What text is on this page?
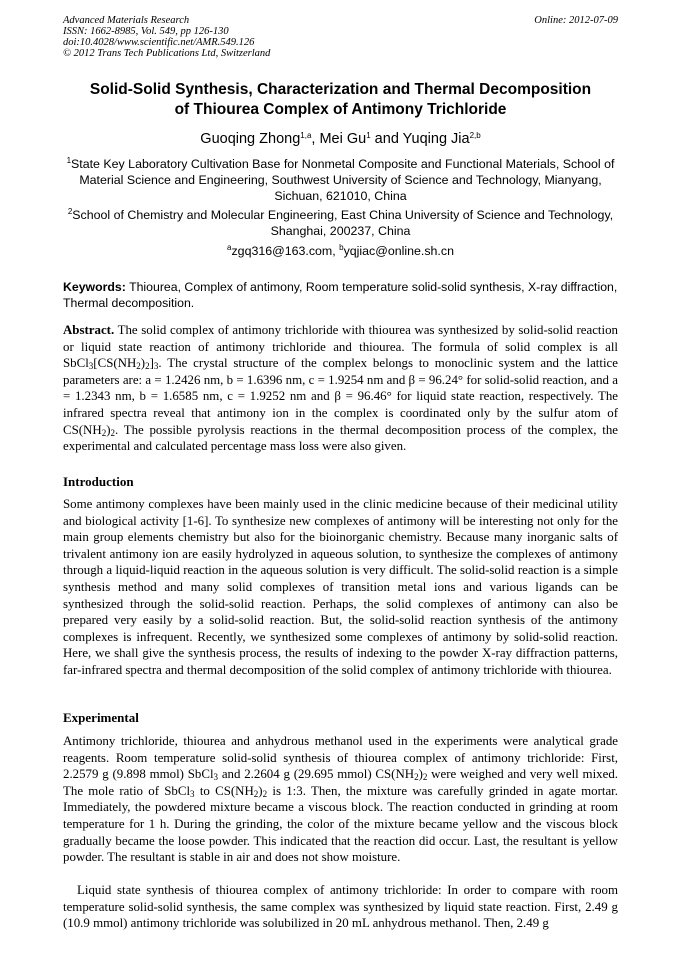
Advanced Materials Research
ISSN: 1662-8985, Vol. 549, pp 126-130
doi:10.4028/www.scientific.net/AMR.549.126
© 2012 Trans Tech Publications Ltd, Switzerland
Online: 2012-07-09
Solid-Solid Synthesis, Characterization and Thermal Decomposition
of Thiourea Complex of Antimony Trichloride
Guoqing Zhong$^{1,a}$, Mei Gu$^1$ and Yuqing Jia$^{2,b}$
$^1$State Key Laboratory Cultivation Base for Nonmetal Composite and Functional Materials, School of
Material Science and Engineering, Southwest University of Science and Technology, Mianyang,
Sichuan, 621010, China
$^2$School of Chemistry and Molecular Engineering, East China University of Science and Technology,
Shanghai, 200237, China
$^a$zgq316@163.com, $^b$yqjiac@online.sh.cn
Keywords: Thiourea, Complex of antimony, Room temperature solid-solid synthesis, X-ray diffraction, Thermal decomposition.
Abstract. The solid complex of antimony trichloride with thiourea was synthesized by solid-solid reaction or liquid state reaction of antimony trichloride and thiourea. The formula of solid complex is all $SbCl_3[CS(NH_2)_2]_3$. The crystal structure of the complex belongs to monoclinic system and the lattice parameters are: a = 1.2426 nm, b = 1.6396 nm, c = 1.9254 nm and β = 96.24° for solid-solid reaction, and a = 1.2343 nm, b = 1.6585 nm, c = 1.9252 nm and β = 96.46° for liquid state reaction, respectively. The infrared spectra reveal that antimony ion in the complex is coordinated only by the sulfur atom of $CS(NH_2)_2$. The possible pyrolysis reactions in the thermal decomposition process of the complex, the experimental and calculated percentage mass loss were also given.
Introduction
Some antimony complexes have been mainly used in the clinic medicine because of their medicinal utility and biological activity [1-6]. To synthesize new complexes of antimony will be interesting not only for the main group elements chemistry but also for the bioinorganic chemistry. Because many inorganic salts of trivalent antimony ion are easily hydrolyzed in aqueous solution, to synthesize the complexes of antimony through a liquid-liquid reaction in the aqueous solution is very difficult. The solid-solid reaction is a simple synthesis method and many solid complexes of transition metal ions and various ligands can be synthesized through the solid-solid reaction. Perhaps, the solid complexes of antimony can also be prepared very easily by a solid-solid reaction. But, the solid-solid reaction synthesis of the antimony complexes is infrequent. Recently, we synthesized some complexes of antimony by solid-solid reaction. Here, we shall give the synthesis process, the results of indexing to the powder X-ray diffraction patterns, far-infrared spectra and thermal decomposition of the solid complex of antimony trichloride with thiourea.
Experimental
Antimony trichloride, thiourea and anhydrous methanol used in the experiments were analytical grade reagents. Room temperature solid-solid synthesis of thiourea complex of antimony trichloride: First, 2.2579 g (9.898 mmol) SbCl$_3$ and 2.2604 g (29.695 mmol) $CS(NH_2)_2$ were weighed and very well mixed. The mole ratio of SbCl$_3$ to $CS(NH_2)_2$ is 1:3. Then, the mixture was carefully grinded in agate mortar. Immediately, the powdered mixture became a viscous block. The reaction conducted in grinding at room temperature for 1 h. During the grinding, the color of the mixture became yellow and the viscous block gradually became the loose powder. This indicated that the reaction did occur. Last, the resultant is yellow powder. The resultant is stable in air and does not show moisture.
Liquid state synthesis of thiourea complex of antimony trichloride: In order to compare with room temperature solid-solid synthesis, the same complex was synthesized by liquid state reaction. First, 2.49 g (10.9 mmol) antimony trichloride was solubilized in 20 mL anhydrous methanol. Then, 2.49 g
